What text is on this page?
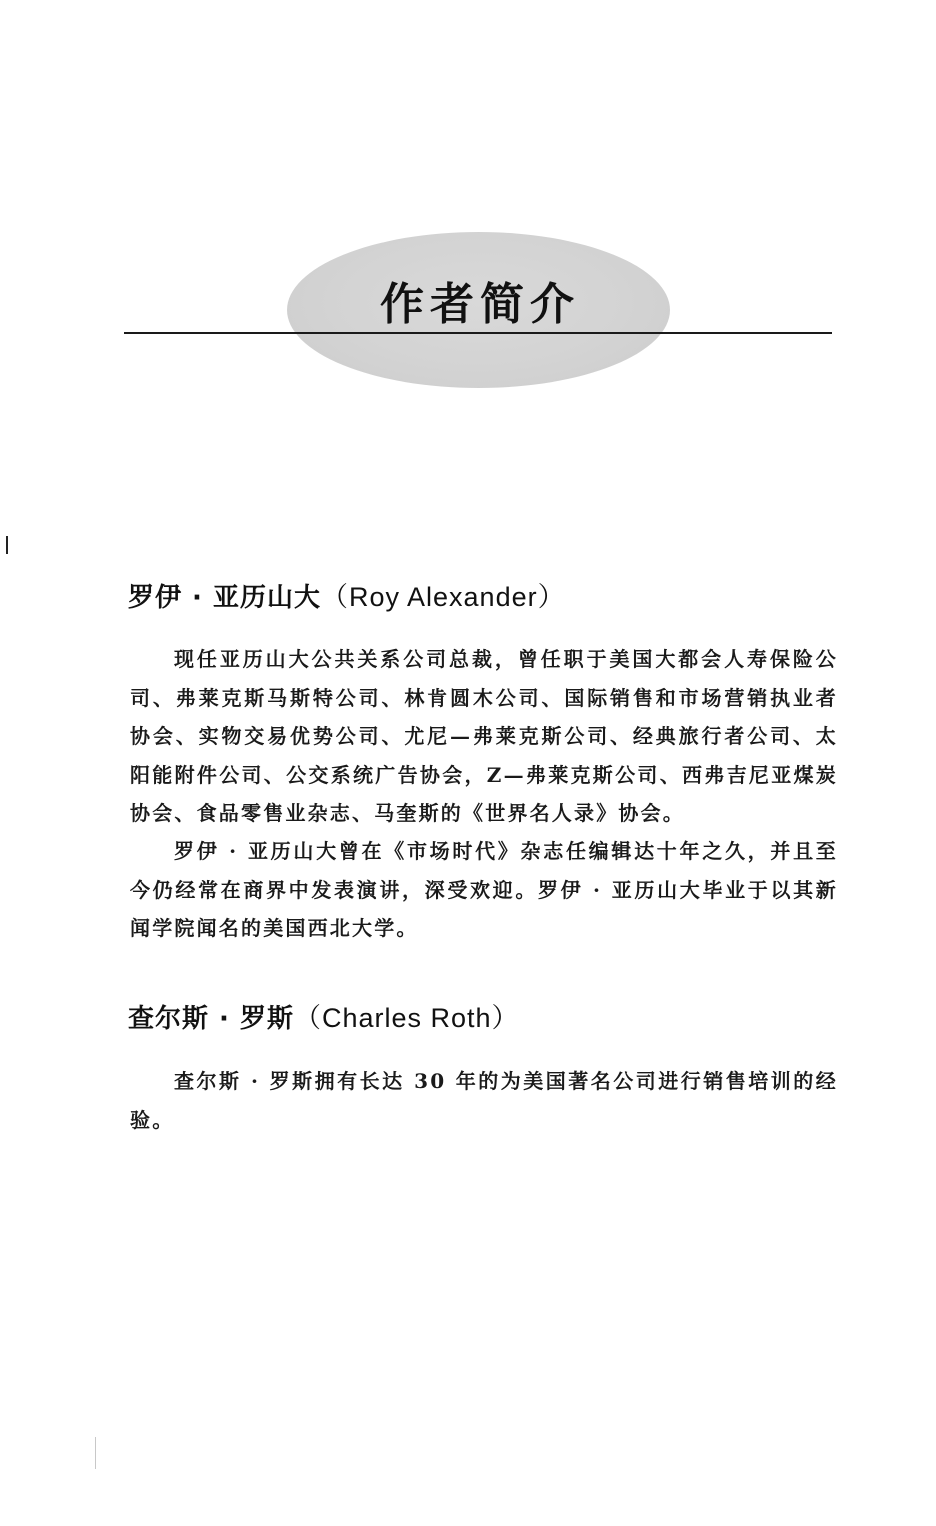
作者简介
罗伊 · 亚历山大（Roy Alexander）
现任亚历山大公共关系公司总裁，曾任职于美国大都会人寿保险公司、弗莱克斯马斯特公司、林肯圆木公司、国际销售和市场营销执业者协会、实物交易优势公司、尤尼—弗莱克斯公司、经典旅行者公司、太阳能附件公司、公交系统广告协会，Z—弗莱克斯公司、西弗吉尼亚煤炭协会、食品零售业杂志、马奎斯的《世界名人录》协会。
罗伊 · 亚历山大曾在《市场时代》杂志任编辑达十年之久，并且至今仍经常在商界中发表演讲，深受欢迎。罗伊 · 亚历山大毕业于以其新闻学院闻名的美国西北大学。
查尔斯 · 罗斯（Charles Roth）
查尔斯 · 罗斯拥有长达 30 年的为美国著名公司进行销售培训的经验。
